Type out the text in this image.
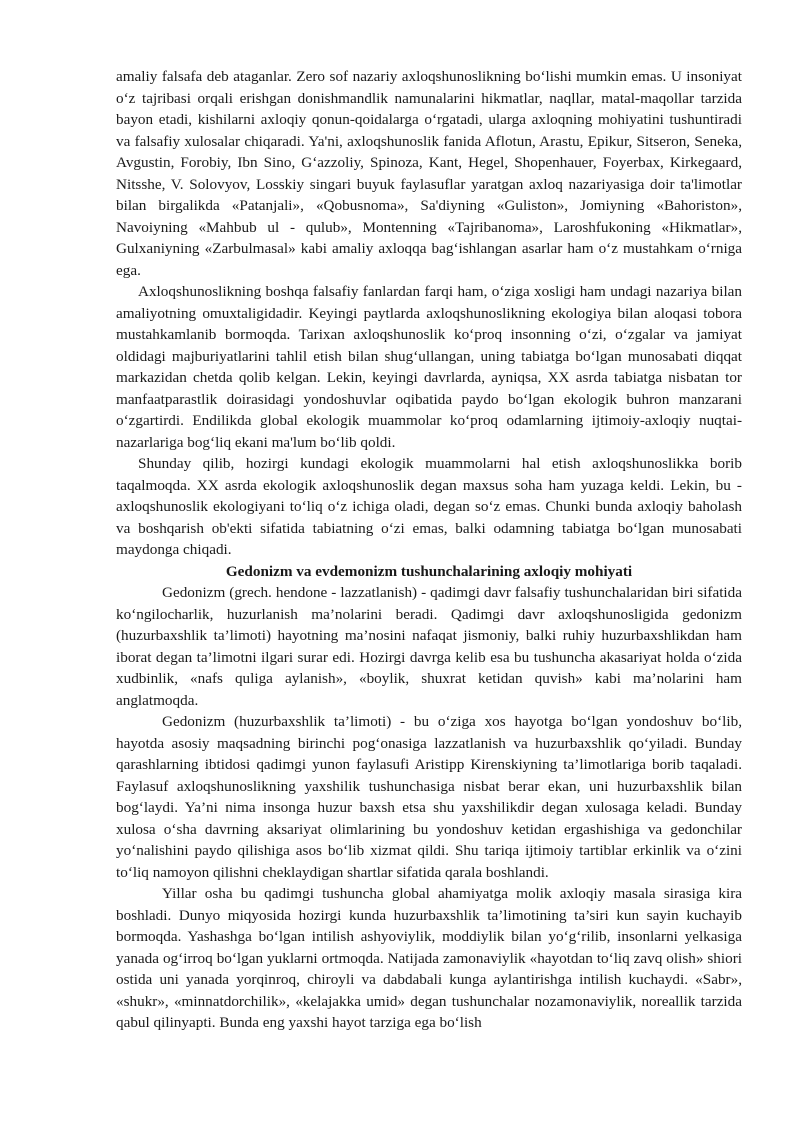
amaliy falsafa deb ataganlar. Zero sof nazariy axloqshunoslikning bo‘lishi mumkin emas. U insoniyat o‘z tajribasi orqali erishgan donishmandlik namunalarini hikmatlar, naqllar, matal-maqollar tarzida bayon etadi, kishilarni axloqiy qonun-qoidalarga o‘rgatadi, ularga axloqning mohiyatini tushuntiradi va falsafiy xulosalar chiqaradi. Ya'ni, axloqshunoslik fanida Aflotun, Arastu, Epikur, Sitseron, Seneka, Avgustin, Forobiy, Ibn Sino, G‘azzoliy, Spinoza, Kant, Hegel, Shopenhauer, Foyerbax, Kirkegaard, Nitsshe, V. Solovyov, Losskiy singari buyuk faylasuflar yaratgan axloq nazariyasiga doir ta'limotlar bilan birgalikda «Patanjali», «Qobusnoma», Sa'diyning «Guliston», Jomiyning «Bahoriston», Navoiyning «Mahbub ul - qulub», Montenning «Tajribanoma», Laroshfukoning «Hikmatlar», Gulxaniyning «Zarbulmasal» kabi amaliy axloqqa bag‘ishlangan asarlar ham o‘z mustahkam o‘rniga ega.

Axloqshunoslikning boshqa falsafiy fanlardan farqi ham, o‘ziga xosligi ham undagi nazariya bilan amaliyotning omuxtaligidadir. Keyingi paytlarda axloqshunoslikning ekologiya bilan aloqasi tobora mustahkamlanib bormoqda. Tarixan axloqshunoslik ko‘proq insonning o‘zi, o‘zgalar va jamiyat oldidagi majburiyatlarini tahlil etish bilan shug‘ullangan, uning tabiatga bo‘lgan munosabati diqqat markazidan chetda qolib kelgan. Lekin, keyingi davrlarda, ayniqsa, XX asrda tabiatga nisbatan tor manfaatparastlik doirasidagi yondoshuvlar oqibatida paydo bo‘lgan ekologik buhron manzarani o‘zgartirdi. Endilikda global ekologik muammolar ko‘proq odamlarning ijtimoiy-axloqiy nuqtai-nazarlariga bog‘liq ekani ma'lum bo‘lib qoldi.

Shunday qilib, hozirgi kundagi ekologik muammolarni hal etish axloqshunoslikka borib taqalmoqda. XX asrda ekologik axloqshunoslik degan maxsus soha ham yuzaga keldi. Lekin, bu - axloqshunoslik ekologiyani to‘liq o‘z ichiga oladi, degan so‘z emas. Chunki bunda axloqiy baholash va boshqarish ob'ekti sifatida tabiatning o‘zi emas, balki odamning tabiatga bo‘lgan munosabati maydonga chiqadi.

Gedonizm va evdemonizm tushunchalarining axloqiy mohiyati

Gedonizm (grech. hendone - lazzatlanish) - qadimgi davr falsafiy tushunchalaridan biri sifatida ko‘ngilocharlik, huzurlanish ma’nolarini beradi. Qadimgi davr axloqshunosligida gedonizm (huzurbaxshlik ta’limoti) hayotning ma’nosini nafaqat jismoniy, balki ruhiy huzurbaxshlikdan ham iborat degan ta’limotni ilgari surar edi. Hozirgi davrga kelib esa bu tushuncha akasariyat holda o‘zida xudbinlik, «nafs quliga aylanish», «boylik, shuxrat ketidan quvish» kabi ma’nolarini ham anglatmoqda.

Gedonizm (huzurbaxshlik ta’limoti) - bu o‘ziga xos hayotga bo‘lgan yondoshuv bo‘lib, hayotda asosiy maqsadning birinchi pog‘onasiga lazzatlanish va huzurbaxshlik qo‘yiladi. Bunday qarashlarning ibtidosi qadimgi yunon faylasufi Aristipp Kirenskiyning ta’limotlariga borib taqaladi. Faylasuf axloqshunoslikning yaxshilik tushunchasiga nisbat berar ekan, uni huzurbaxshlik bilan bog‘laydi. Ya’ni nima insonga huzur baxsh etsa shu yaxshilikdir degan xulosaga keladi. Bunday xulosa o‘sha davrning aksariyat olimlarining bu yondoshuv ketidan ergashishiga va gedonchilar yo‘nalishini paydo qilishiga asos bo‘lib xizmat qildi. Shu tariqa ijtimoiy tartiblar erkinlik va o‘zini to‘liq namoyon qilishni cheklaydigan shartlar sifatida qarala boshlandi.

Yillar osha bu qadimgi tushuncha global ahamiyatga molik axloqiy masala sirasiga kira boshladi. Dunyo miqyosida hozirgi kunda huzurbaxshlik ta’limotining ta’siri kun sayin kuchayib bormoqda. Yashashga bo‘lgan intilish ashyoviylik, moddiylik bilan yo‘g‘rilib, insonlarni yelkasiga yanada og‘irroq bo‘lgan yuklarni ortmoqda. Natijada zamonaviylik «hayotdan to‘liq zavq olish» shiori ostida uni yanada yorqinroq, chiroyli va dabdabali kunga aylantirishga intilish kuchaydi. «Sabr», «shukr», «minnatdorchilik», «kelajakka umid» degan tushunchalar nozamonaviylik, noreallik tarzida qabul qilinyapti. Bunda eng yaxshi hayot tarziga ega bo‘lish
